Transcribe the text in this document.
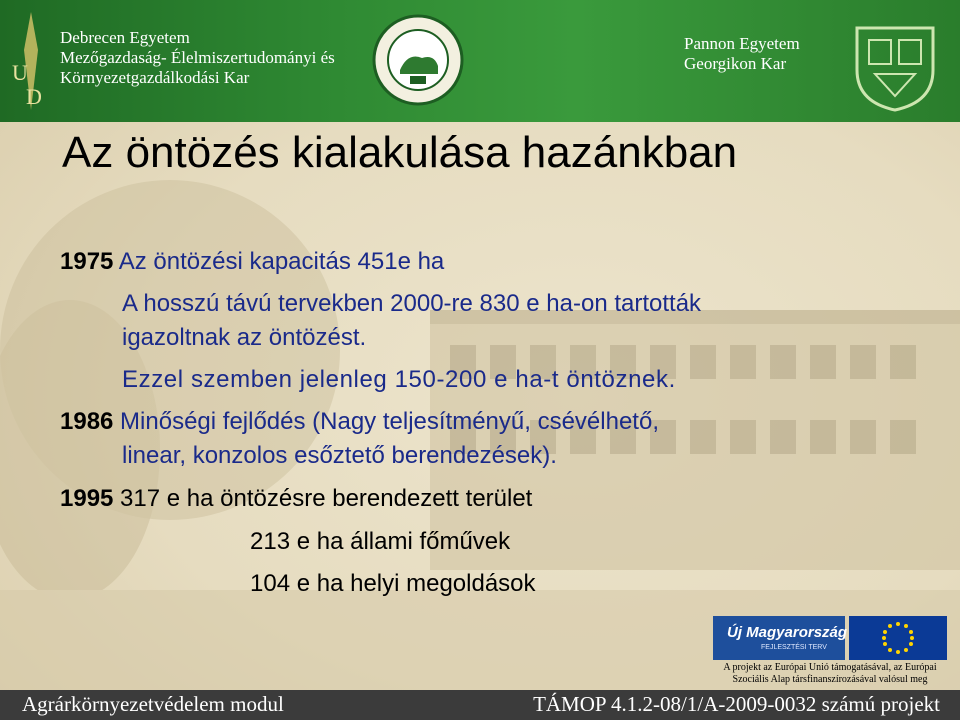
U
D
Debrecen Egyetem
Mezőgazdaság- Élelmiszertudományi és
Környezetgazdálkodási Kar
Pannon Egyetem
Georgikon Kar
Az öntözés kialakulása hazánkban
1975 Az öntözési kapacitás 451e ha
A hosszú távú tervekben 2000-re 830 e ha-on tartották
igazoltnak az öntözést.
Ezzel szemben jelenleg 150-200 e ha-t öntöznek.
1986 Minőségi fejlődés (Nagy teljesítményű, csévélhető,
linear, konzolos esőztető berendezések).
1995 317 e ha öntözésre berendezett terület
213 e ha állami főművek
104 e ha helyi megoldások
Új Magyarország
FEJLESZTÉSI TERV
A projekt az Európai Unió támogatásával, az Európai
Szociális Alap társfinanszírozásával valósul meg
Agrárkörnyezetvédelem modul	TÁMOP 4.1.2-08/1/A-2009-0032 számú projekt
